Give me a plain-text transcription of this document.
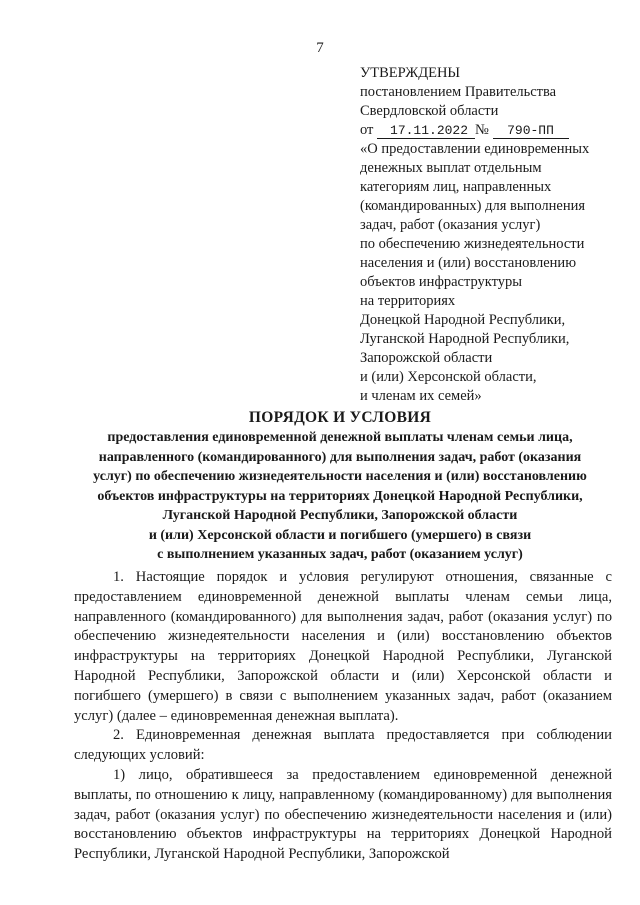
7
УТВЕРЖДЕНЫ
постановлением Правительства
Свердловской области
от 17.11.2022 № 790-ПП
«О предоставлении единовременных
денежных выплат отдельным
категориям лиц, направленных
(командированных) для выполнения
задач, работ (оказания услуг)
по обеспечению жизнедеятельности
населения и (или) восстановлению
объектов инфраструктуры
на территориях
Донецкой Народной Республики,
Луганской Народной Республики,
Запорожской области
и (или) Херсонской области,
и членам их семей»
ПОРЯДОК И УСЛОВИЯ
предоставления единовременной денежной выплаты членам семьи лица,
направленного (командированного) для выполнения задач, работ (оказания
услуг) по обеспечению жизнедеятельности населения и (или) восстановлению
объектов инфраструктуры на территориях Донецкой Народной Республики,
Луганской Народной Республики, Запорожской области
и (или) Херсонской области и погибшего (умершего) в связи
с выполнением указанных задач, работ (оказанием услуг)

1. Настоящие порядок и условия регулируют отношения, связанные с предоставлением единовременной денежной выплаты членам семьи лица, направленного (командированного) для выполнения задач, работ (оказания услуг) по обеспечению жизнедеятельности населения и (или) восстановлению объектов инфраструктуры на территориях Донецкой Народной Республики, Луганской Народной Республики, Запорожской области и (или) Херсонской области и погибшего (умершего) в связи с выполнением указанных задач, работ (оказанием услуг) (далее – единовременная денежная выплата).

2. Единовременная денежная выплата предоставляется при соблюдении следующих условий:

1) лицо, обратившееся за предоставлением единовременной денежной выплаты, по отношению к лицу, направленному (командированному) для выполнения задач, работ (оказания услуг) по обеспечению жизнедеятельности населения и (или) восстановлению объектов инфраструктуры на территориях Донецкой Народной Республики, Луганской Народной Республики, Запорожской
